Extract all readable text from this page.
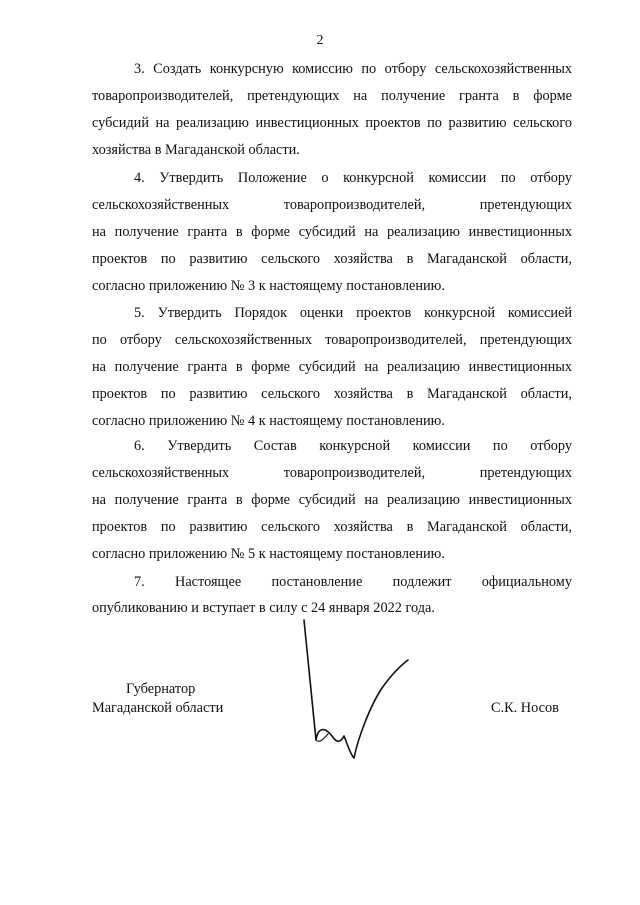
2
3. Создать конкурсную комиссию по отбору сельскохозяйственных
товаропроизводителей, претендующих на получение гранта в форме
субсидий на реализацию инвестиционных проектов по развитию сельского
хозяйства в Магаданской области.
4. Утвердить Положение о конкурсной комиссии по отбору
сельскохозяйственных товаропроизводителей, претендующих
на получение гранта в форме субсидий на реализацию инвестиционных
проектов по развитию сельского хозяйства в Магаданской области,
согласно приложению № 3 к настоящему постановлению.
5. Утвердить Порядок оценки проектов конкурсной комиссией
по отбору сельскохозяйственных товаропроизводителей, претендующих
на получение гранта в форме субсидий на реализацию инвестиционных
проектов по развитию сельского хозяйства в Магаданской области,
согласно приложению № 4 к настоящему постановлению.
6. Утвердить Состав конкурсной комиссии по отбору
сельскохозяйственных товаропроизводителей, претендующих
на получение гранта в форме субсидий на реализацию инвестиционных
проектов по развитию сельского хозяйства в Магаданской области,
согласно приложению № 5 к настоящему постановлению.
7. Настоящее постановление подлежит официальному
опубликованию и вступает в силу с 24 января 2022 года.
Губернатор
Магаданской области	С.К. Носов
